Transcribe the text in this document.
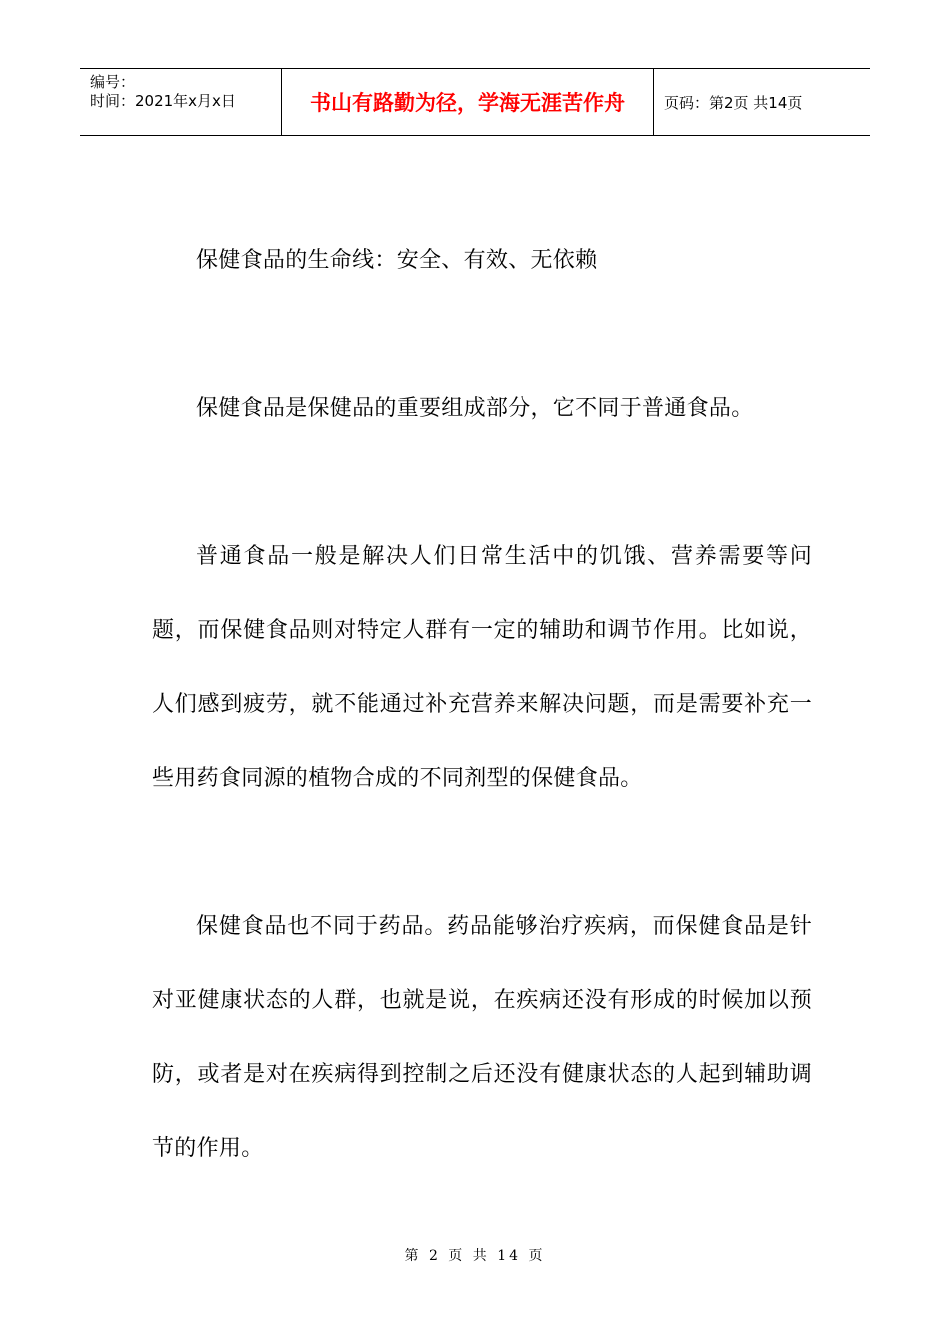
编号：
时间：2021年x月x日	书山有路勤为径，学海无涯苦作舟	页码：第2页 共14页

保健食品的生命线：安全、有效、无依赖

保健食品是保健品的重要组成部分，它不同于普通食品。

普通食品一般是解决人们日常生活中的饥饿、营养需要等问题，而保健食品则对特定人群有一定的辅助和调节作用。比如说，人们感到疲劳，就不能通过补充营养来解决问题，而是需要补充一些用药食同源的植物合成的不同剂型的保健食品。

保健食品也不同于药品。药品能够治疗疾病，而保健食品是针对亚健康状态的人群，也就是说，在疾病还没有形成的时候加以预防，或者是对在疾病得到控制之后还没有健康状态的人起到辅助调节的作用。

第 2 页 共 14 页
